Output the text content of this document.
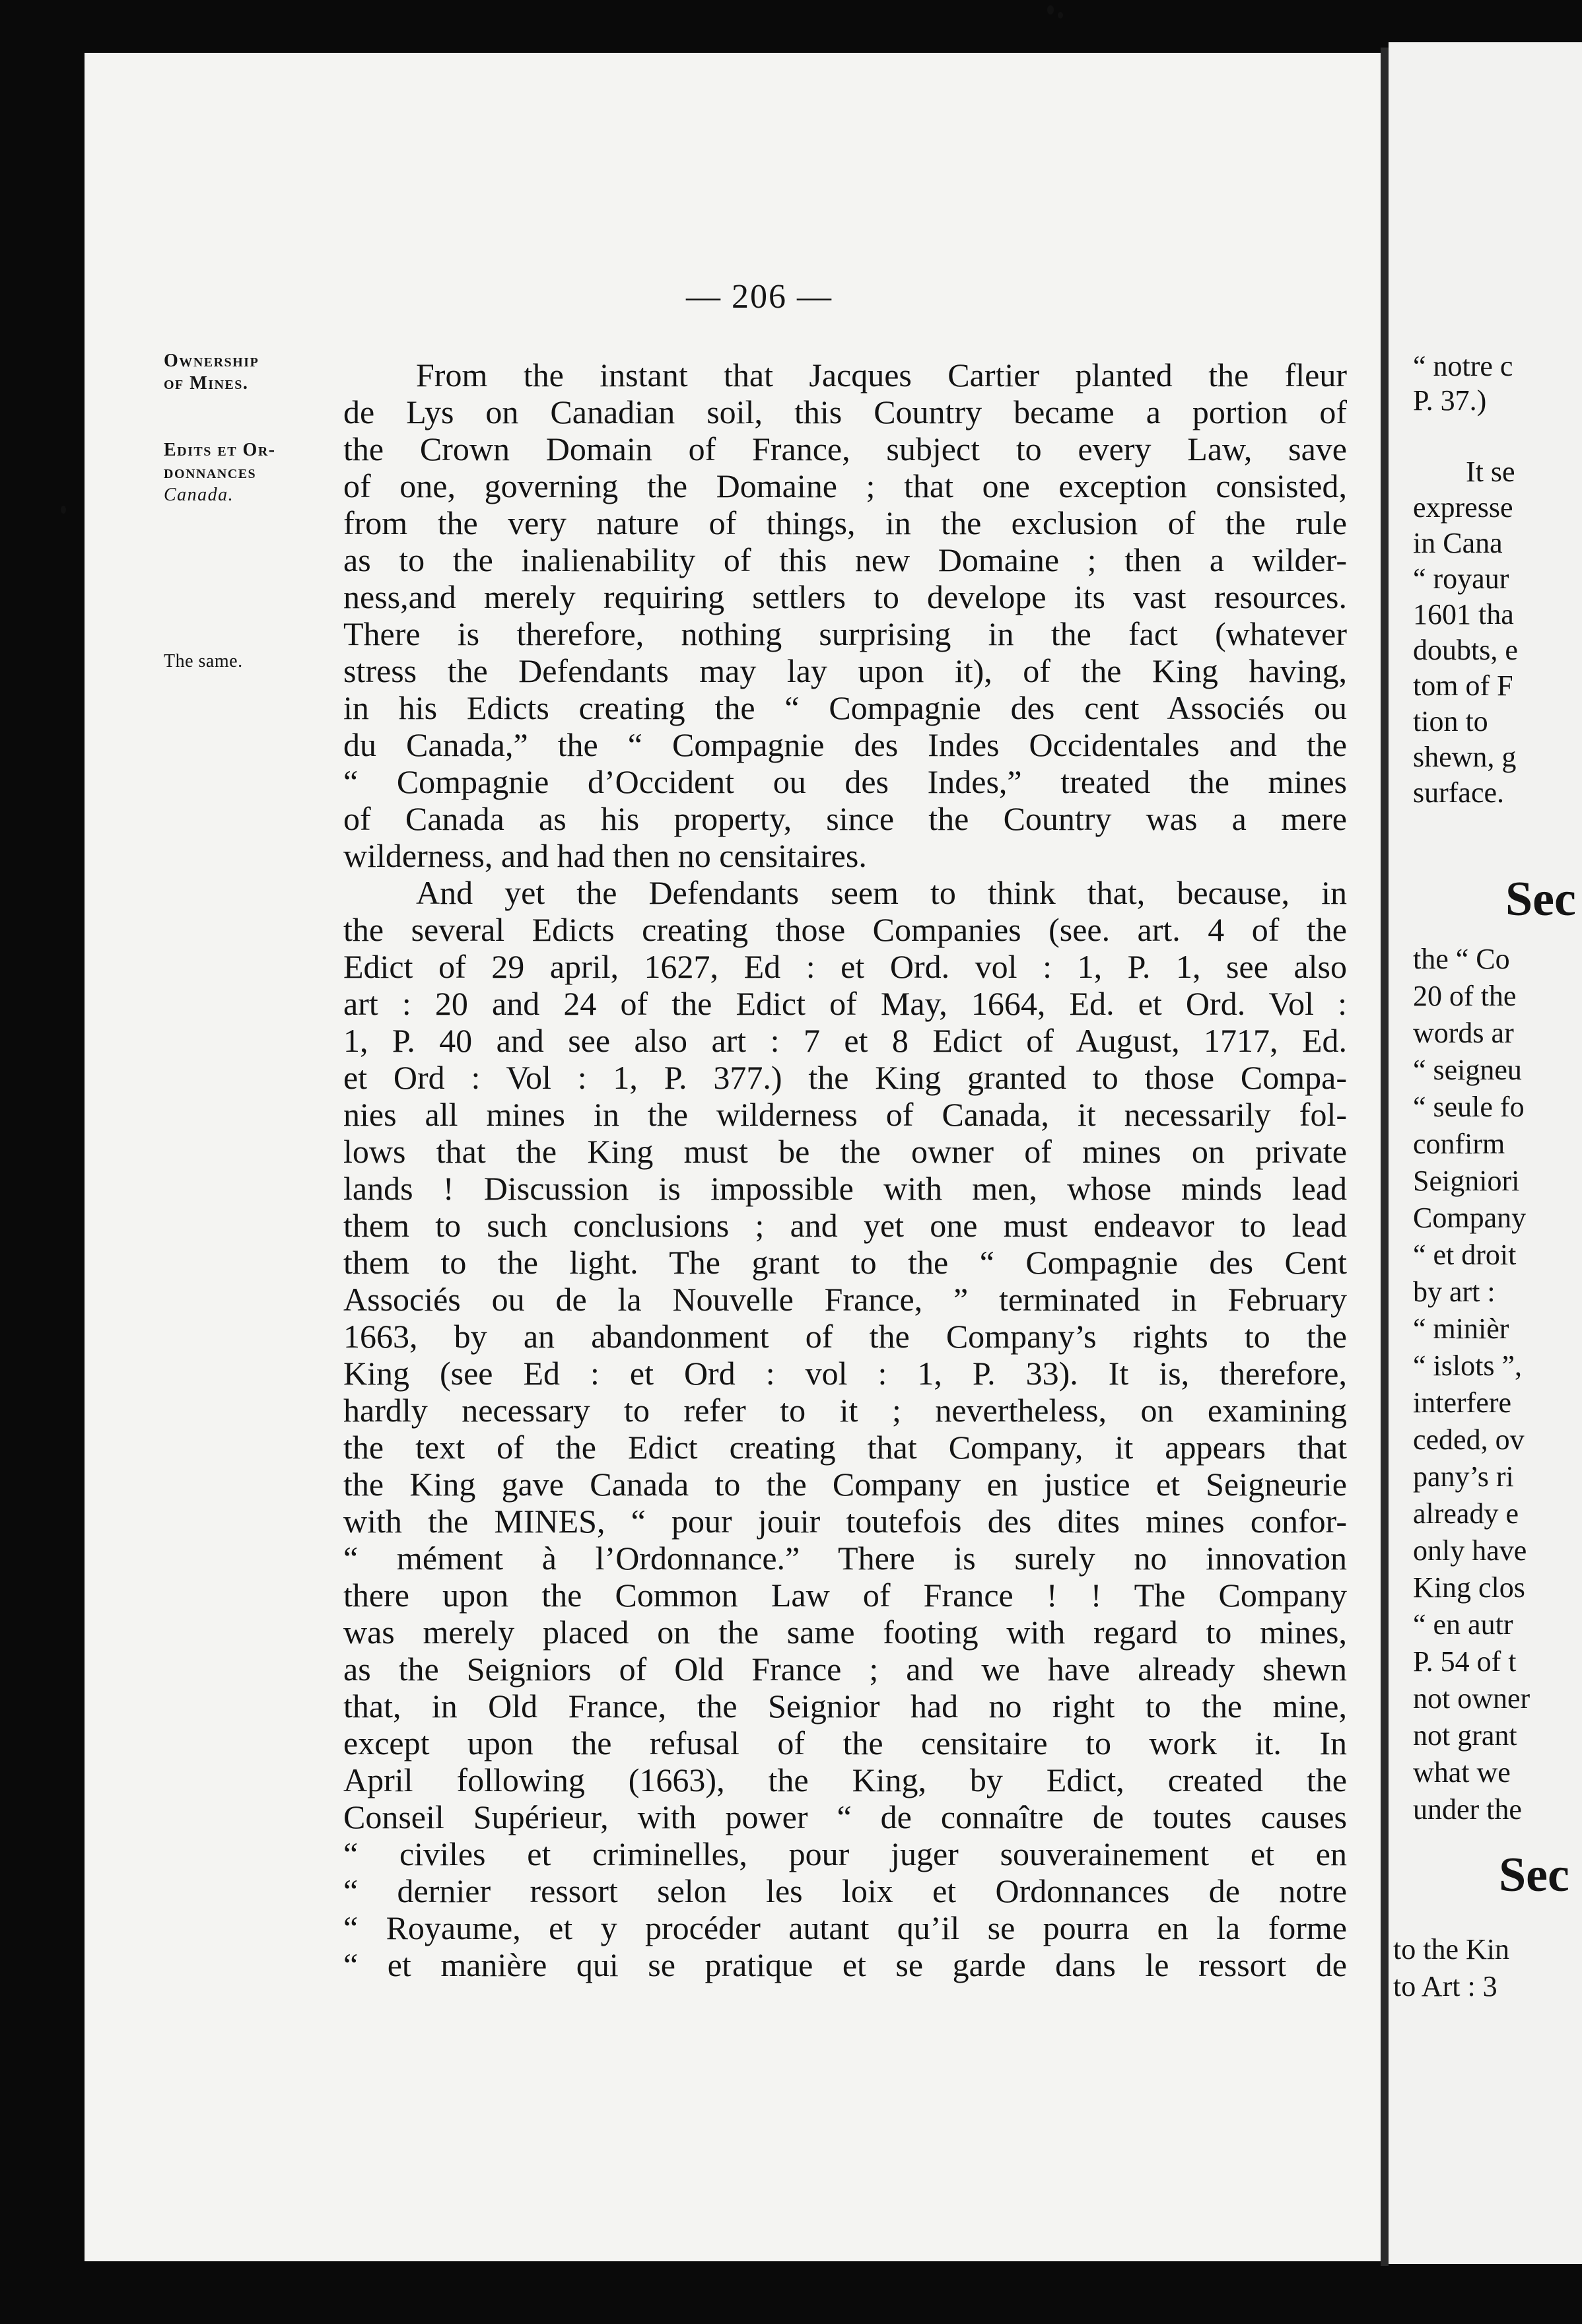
— 206 —
Ownership
of Mines.
Edits et Or-
donnances
Canada.
The same.
From the instant that Jacques Cartier planted the fleur
de Lys on Canadian soil, this Country became a portion of
the Crown Domain of France, subject to every Law, save
of one, governing the Domaine ; that one exception consisted,
from the very nature of things, in the exclusion of the rule
as to the inalienability of this new Domaine ; then a wilder-
ness,and merely requiring settlers to develope its vast resources.
There is therefore, nothing surprising in the fact (whatever
stress the Defendants may lay upon it), of the King having,
in his Edicts creating the “ Compagnie des cent Associés ou
du Canada,” the “ Compagnie des Indes Occidentales and the
“ Compagnie d’Occident ou des Indes,” treated the mines
of Canada as his property, since the Country was a mere
wilderness, and had then no censitaires.
And yet the Defendants seem to think that, because, in
the several Edicts creating those Companies (see. art. 4 of the
Edict of 29 april, 1627, Ed : et Ord. vol : 1, P. 1, see also
art : 20 and 24 of the Edict of May, 1664, Ed. et Ord. Vol :
1, P. 40 and see also art : 7 et 8 Edict of August, 1717, Ed.
et Ord : Vol : 1, P. 377.) the King granted to those Compa-
nies all mines in the wilderness of Canada, it necessarily fol-
lows that the King must be the owner of mines on private
lands ! Discussion is impossible with men, whose minds lead
them to such conclusions ; and yet one must endeavor to lead
them to the light. The grant to the “ Compagnie des Cent
Associés ou de la Nouvelle France, ” terminated in February
1663, by an abandonment of the Company’s rights to the
King (see Ed : et Ord : vol : 1, P. 33). It is, therefore,
hardly necessary to refer to it ; nevertheless, on examining
the text of the Edict creating that Company, it appears that
the King gave Canada to the Company en justice et Seigneurie
with the MINES, “ pour jouir toutefois des dites mines confor-
“ mément à l’Ordonnance.” There is surely no innovation
there upon the Common Law of France ! ! The Company
was merely placed on the same footing with regard to mines,
as the Seigniors of Old France ; and we have already shewn
that, in Old France, the Seignior had no right to the mine,
except upon the refusal of the censitaire to work it. In
April following (1663), the King, by Edict, created the
Conseil Supérieur, with power “ de connaître de toutes causes
“ civiles et criminelles, pour juger souverainement et en
“ dernier ressort selon les loix et Ordonnances de notre
“ Royaume, et y procéder autant qu’il se pourra en la forme
“ et manière qui se pratique et se garde dans le ressort de
“ notre c
P. 37.)
It se
expresse
in Cana
“ royaur
1601 tha
doubts, e
tom of F
tion to
shewn, g
surface.
Sec
the “ Co
20 of the
words ar
“ seigneu
“ seule fo
confirm
Seigniori
Company
“ et droit
by art :
“ minièr
“ islots ”,
interfere
ceded, ov
pany’s ri
already e
only have
King clos
“ en autr
P. 54 of t
not owner
not grant
what we
under the
Sec
to the Kin
to Art : 3
